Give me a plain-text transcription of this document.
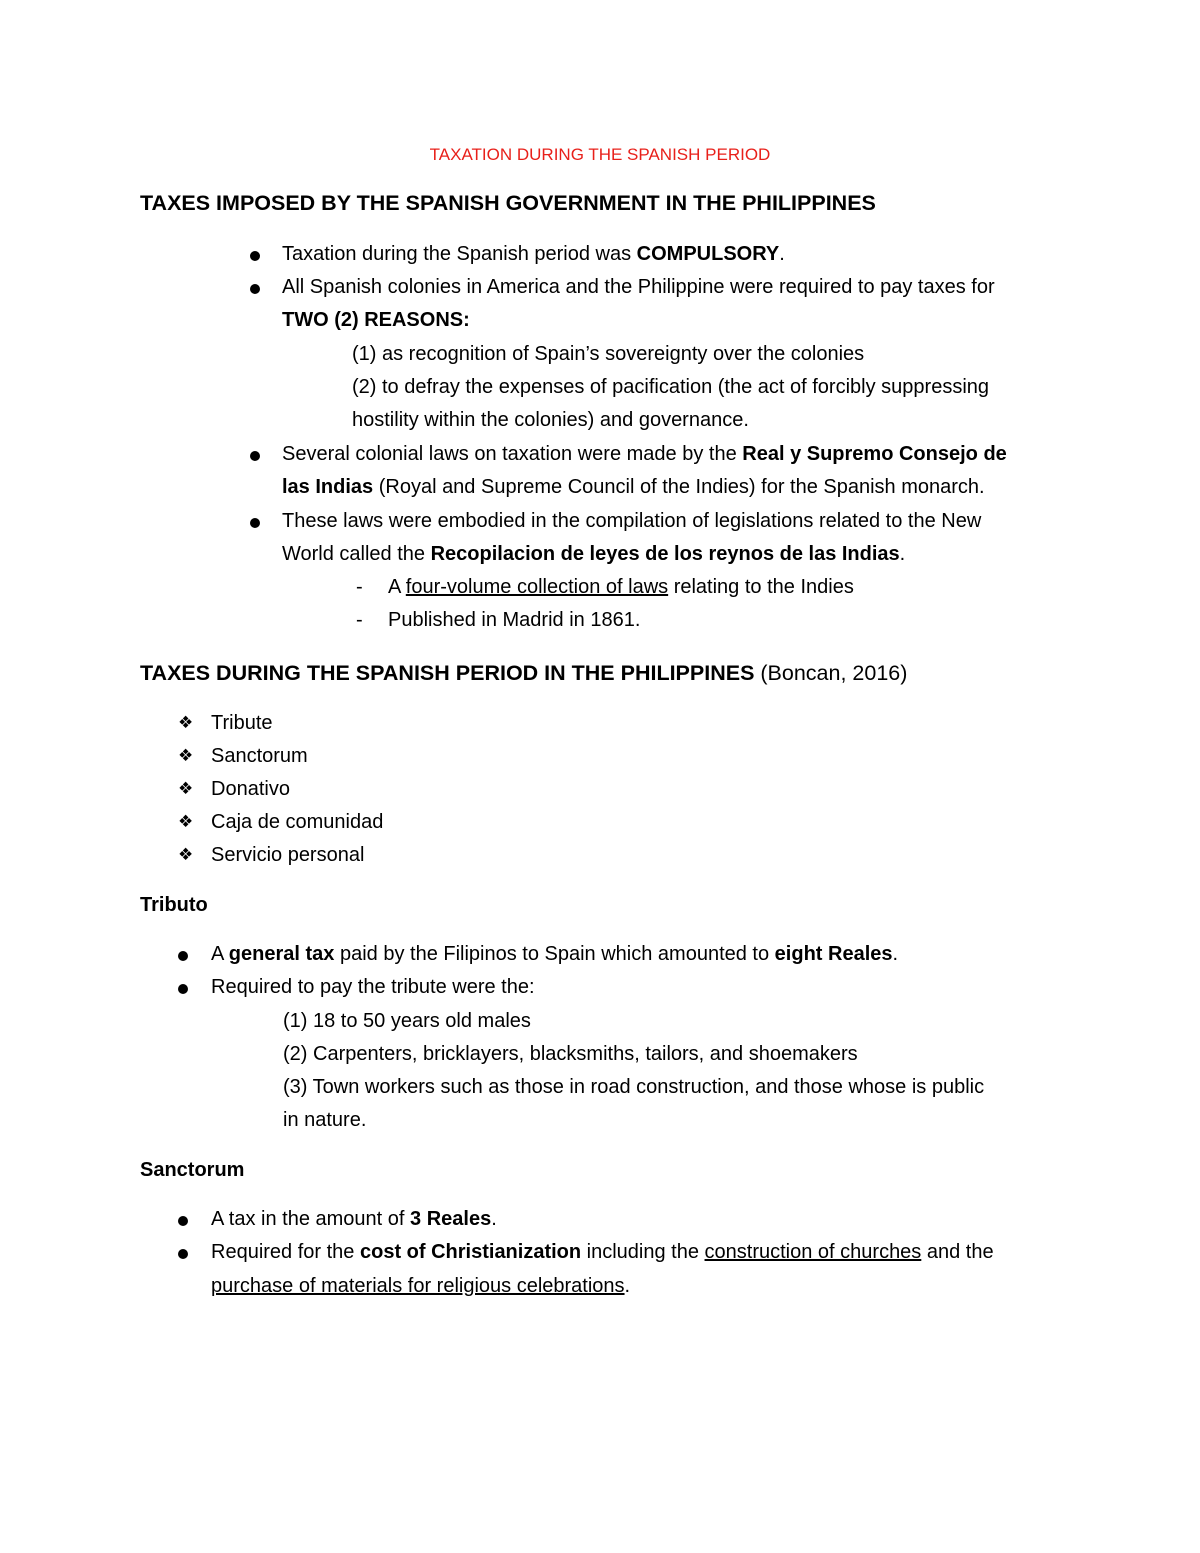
TAXATION DURING THE SPANISH PERIOD
TAXES IMPOSED BY THE SPANISH GOVERNMENT IN THE PHILIPPINES
Taxation during the Spanish period was COMPULSORY.
All Spanish colonies in America and the Philippine were required to pay taxes for
TWO (2) REASONS:
(1) as recognition of Spain’s sovereignty over the colonies
(2) to defray the expenses of pacification (the act of forcibly suppressing
hostility within the colonies) and governance.
Several colonial laws on taxation were made by the Real y Supremo Consejo de
las Indias (Royal and Supreme Council of the Indies) for the Spanish monarch.
These laws were embodied in the compilation of legislations related to the New
World called the Recopilacion de leyes de los reynos de las Indias.
- A four-volume collection of laws relating to the Indies
- Published in Madrid in 1861.
TAXES DURING THE SPANISH PERIOD IN THE PHILIPPINES (Boncan, 2016)
❖ Tribute
❖ Sanctorum
❖ Donativo
❖ Caja de comunidad
❖ Servicio personal
Tributo
A general tax paid by the Filipinos to Spain which amounted to eight Reales.
Required to pay the tribute were the:
(1) 18 to 50 years old males
(2) Carpenters, bricklayers, blacksmiths, tailors, and shoemakers
(3) Town workers such as those in road construction, and those whose is public
in nature.
Sanctorum
A tax in the amount of 3 Reales.
Required for the cost of Christianization including the construction of churches and the
purchase of materials for religious celebrations.
